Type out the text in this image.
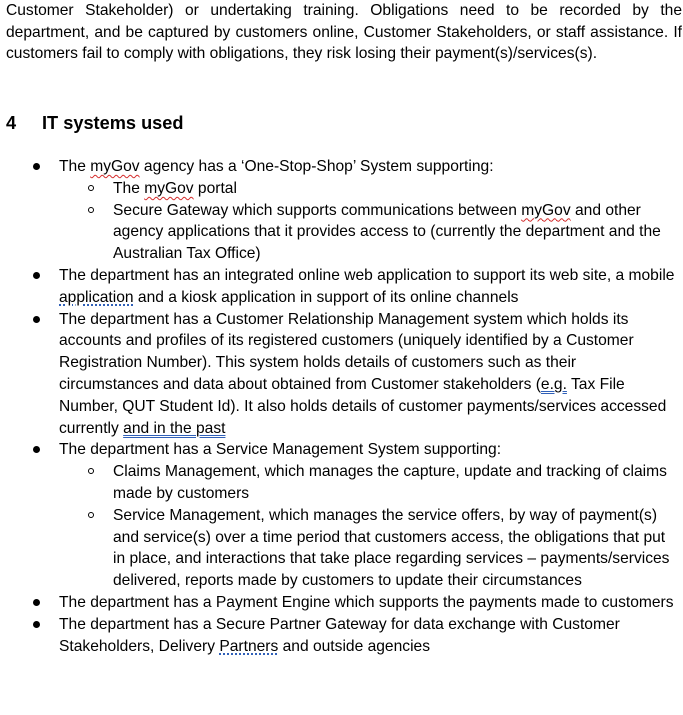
Customer Stakeholder) or undertaking training. Obligations need to be recorded by the department, and be captured by customers online, Customer Stakeholders, or staff assistance. If customers fail to comply with obligations, they risk losing their payment(s)/services(s).

4 IT systems used
The myGov agency has a ‘One-Stop-Shop’ System supporting:
The myGov portal
Secure Gateway which supports communications between myGov and other agency applications that it provides access to (currently the department and the Australian Tax Office)
The department has an integrated online web application to support its web site, a mobile application and a kiosk application in support of its online channels
The department has a Customer Relationship Management system which holds its accounts and profiles of its registered customers (uniquely identified by a Customer Registration Number). This system holds details of customers such as their circumstances and data about obtained from Customer stakeholders (e.g. Tax File Number, QUT Student Id). It also holds details of customer payments/services accessed currently and in the past
The department has a Service Management System supporting:
Claims Management, which manages the capture, update and tracking of claims made by customers
Service Management, which manages the service offers, by way of payment(s) and service(s) over a time period that customers access, the obligations that put in place, and interactions that take place regarding services – payments/services delivered, reports made by customers to update their circumstances
The department has a Payment Engine which supports the payments made to customers
The department has a Secure Partner Gateway for data exchange with Customer Stakeholders, Delivery Partners and outside agencies
